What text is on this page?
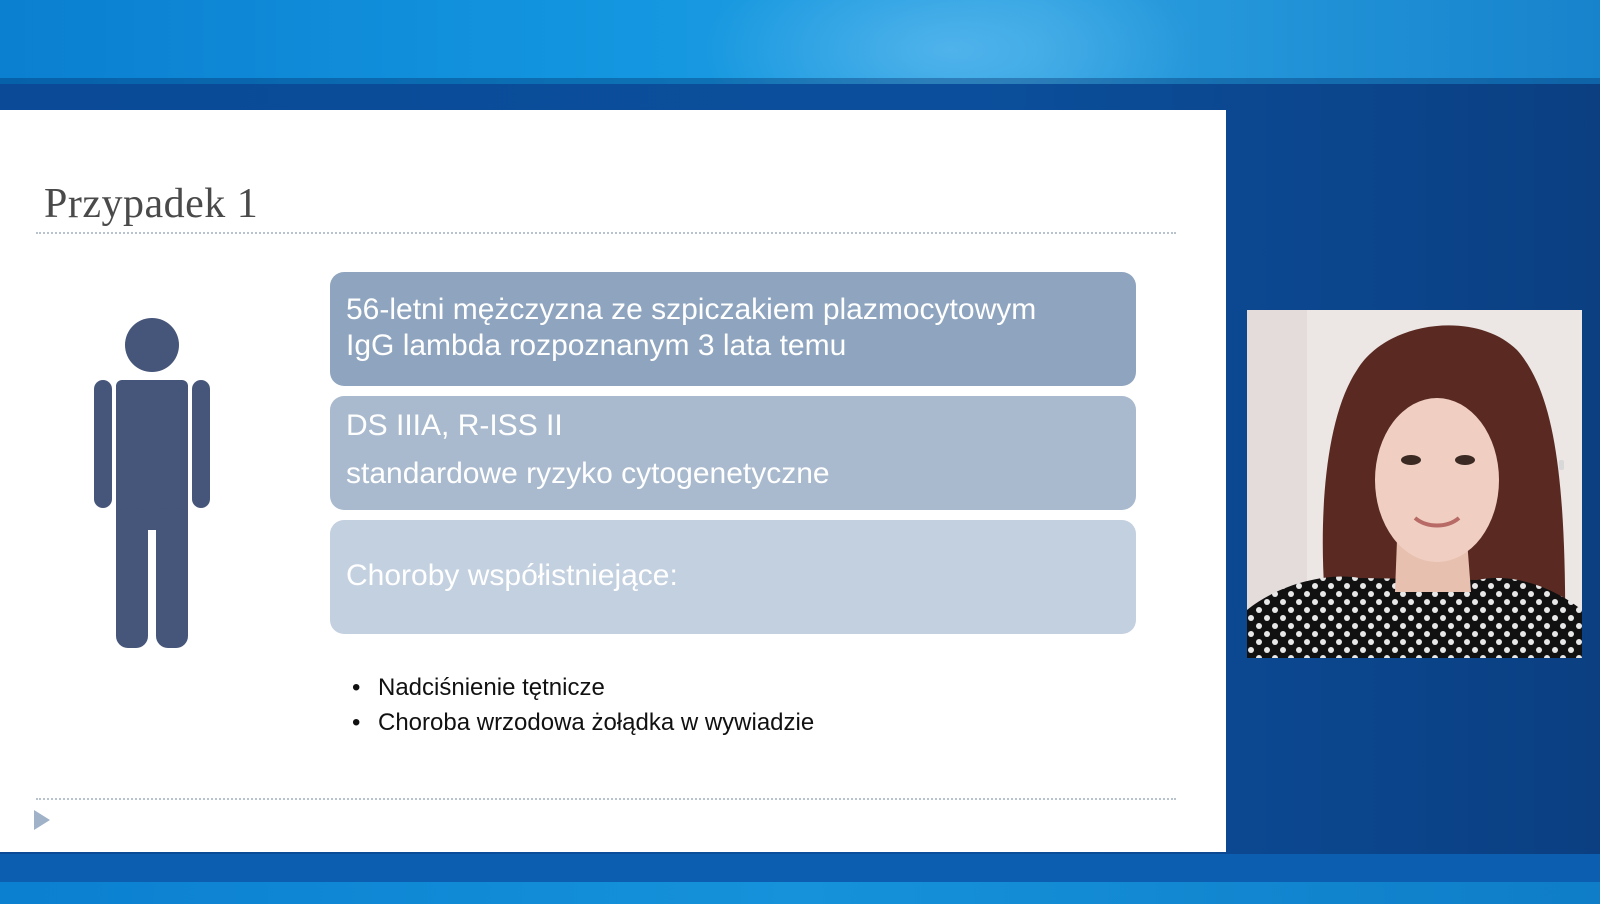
Przypadek 1
56-letni mężczyzna ze szpiczakiem plazmocytowym
IgG lambda rozpoznanym 3 lata temu
DS IIIA, R-ISS II
standardowe ryzyko cytogenetyczne
Choroby współistniejące:
• Nadciśnienie tętnicze
• Choroba wrzodowa żołądka w wywiadzie
